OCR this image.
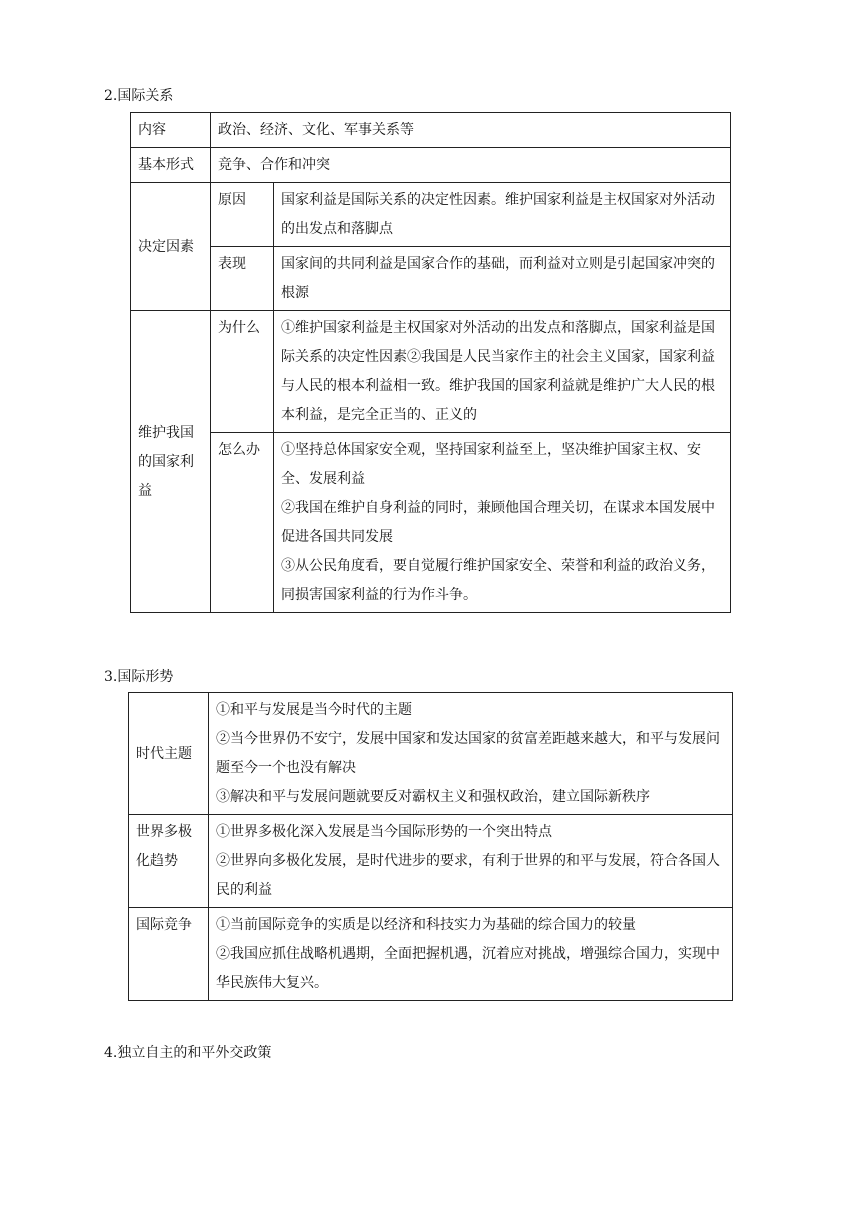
2.国际关系
内容	政治、经济、文化、军事关系等	
基本形式	竞争、合作和冲突	
决定因素	原因	国家利益是国际关系的决定性因素。维护国家利益是主权国家对外活动的出发点和落脚点
	表现	国家间的共同利益是国家合作的基础，而利益对立则是引起国家冲突的根源
维护我国的国家利益	为什么	①维护国家利益是主权国家对外活动的出发点和落脚点，国家利益是国际关系的决定性因素②我国是人民当家作主的社会主义国家，国家利益与人民的根本利益相一致。维护我国的国家利益就是维护广大人民的根本利益，是完全正当的、正义的
	怎么办	①坚持总体国家安全观，坚持国家利益至上，坚决维护国家主权、安全、发展利益

②我国在维护自身利益的同时，兼顾他国合理关切，在谋求本国发展中促进各国共同发展

③从公民角度看，要自觉履行维护国家安全、荣誉和利益的政治义务，同损害国家利益的行为作斗争。

3.国际形势
时代主题	①和平与发展是当今时代的主题

②当今世界仍不安宁，发展中国家和发达国家的贫富差距越来越大，和平与发展问题至今一个也没有解决

③解决和平与发展问题就要反对霸权主义和强权政治，建立国际新秩序

世界多极化趋势	①世界多极化深入发展是当今国际形势的一个突出特点

②世界向多极化发展，是时代进步的要求，有利于世界的和平与发展，符合各国人民的利益

国际竞争	①当前国际竞争的实质是以经济和科技实力为基础的综合国力的较量

②我国应抓住战略机遇期，全面把握机遇，沉着应对挑战，增强综合国力，实现中华民族伟大复兴。

4.独立自主的和平外交政策
